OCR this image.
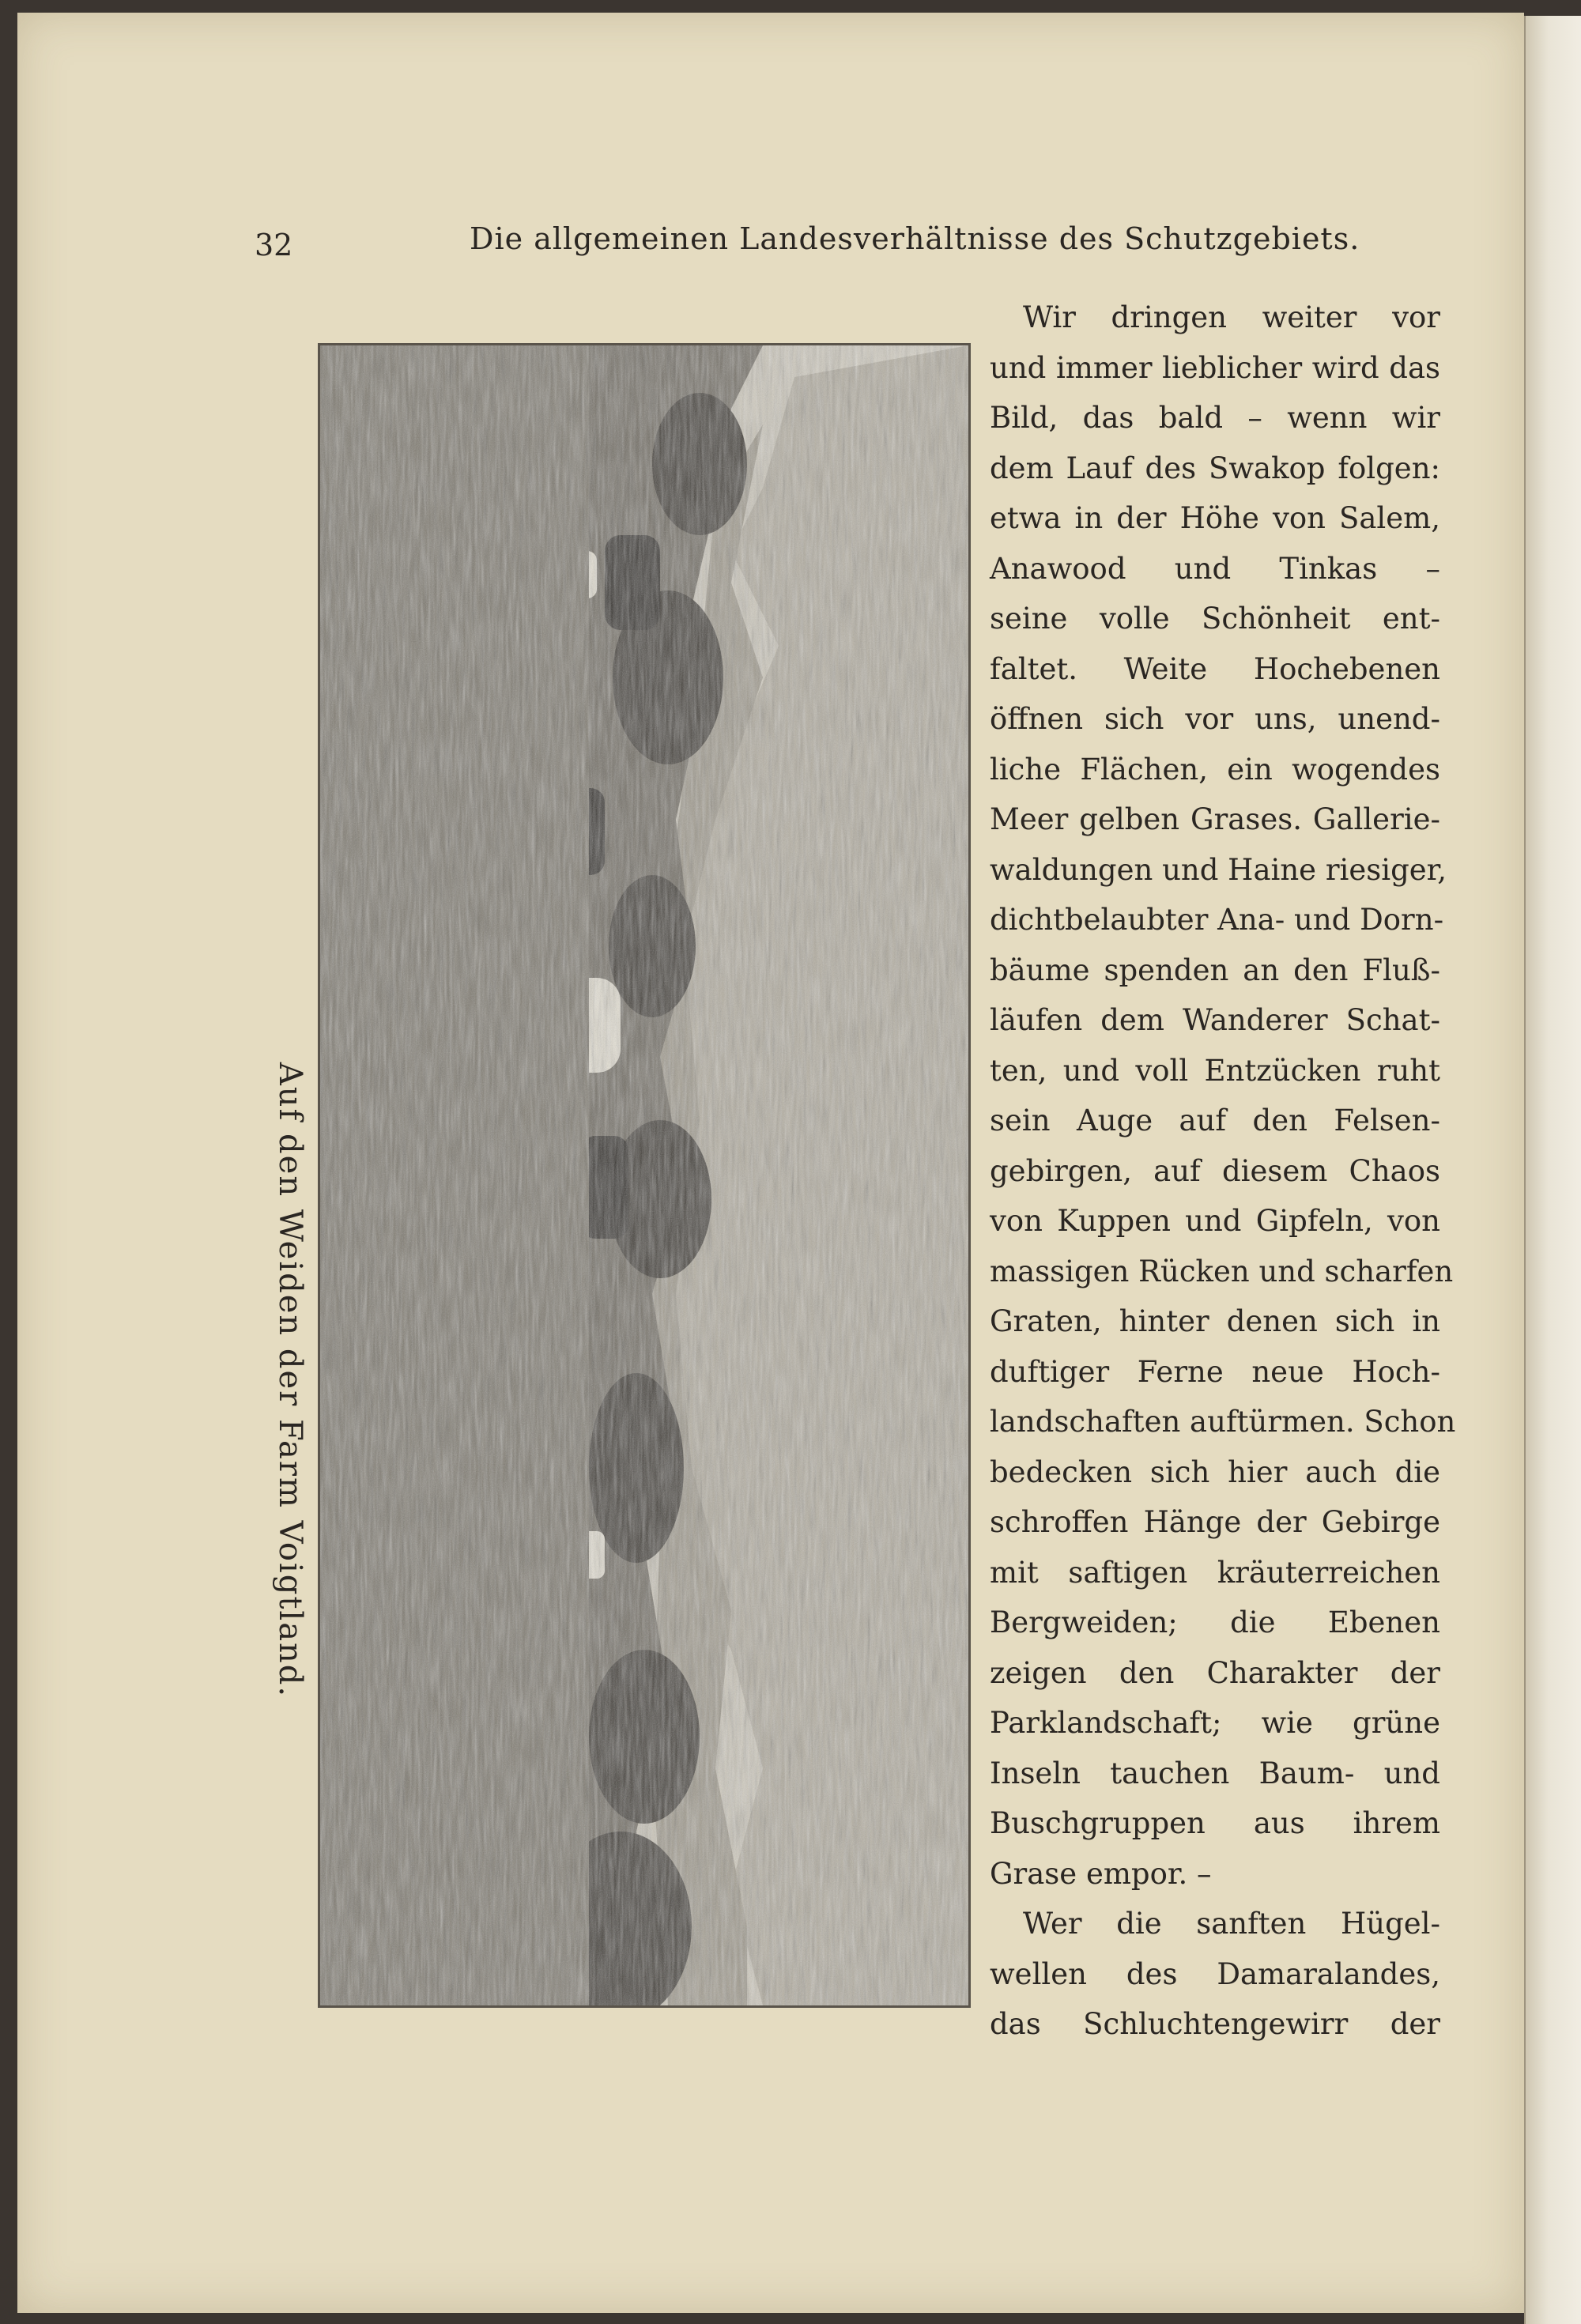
32	Die allgemeinen Landesverhältnisse des Schutzgebiets.
Auf den Weiden der Farm Voigtland.
Wir dringen weiter vor
und immer lieblicher wird das
Bild, das bald – wenn wir
dem Lauf des Swakop folgen:
etwa in der Höhe von Salem,
Anawood und Tinkas –
seine volle Schönheit ent-
faltet. Weite Hochebenen
öffnen sich vor uns, unend-
liche Flächen, ein wogendes
Meer gelben Grases. Gallerie-
waldungen und Haine riesiger,
dichtbelaubter Ana- und Dorn-
bäume spenden an den Fluß-
läufen dem Wanderer Schat-
ten, und voll Entzücken ruht
sein Auge auf den Felsen-
gebirgen, auf diesem Chaos
von Kuppen und Gipfeln, von
massigen Rücken und scharfen
Graten, hinter denen sich in
duftiger Ferne neue Hoch-
landschaften auftürmen. Schon
bedecken sich hier auch die
schroffen Hänge der Gebirge
mit saftigen kräuterreichen
Bergweiden; die Ebenen
zeigen den Charakter der
Parklandschaft; wie grüne
Inseln tauchen Baum- und
Buschgruppen aus ihrem
Grase empor. –
Wer die sanften Hügel-
wellen des Damaralandes,
das Schluchtengewirr der
